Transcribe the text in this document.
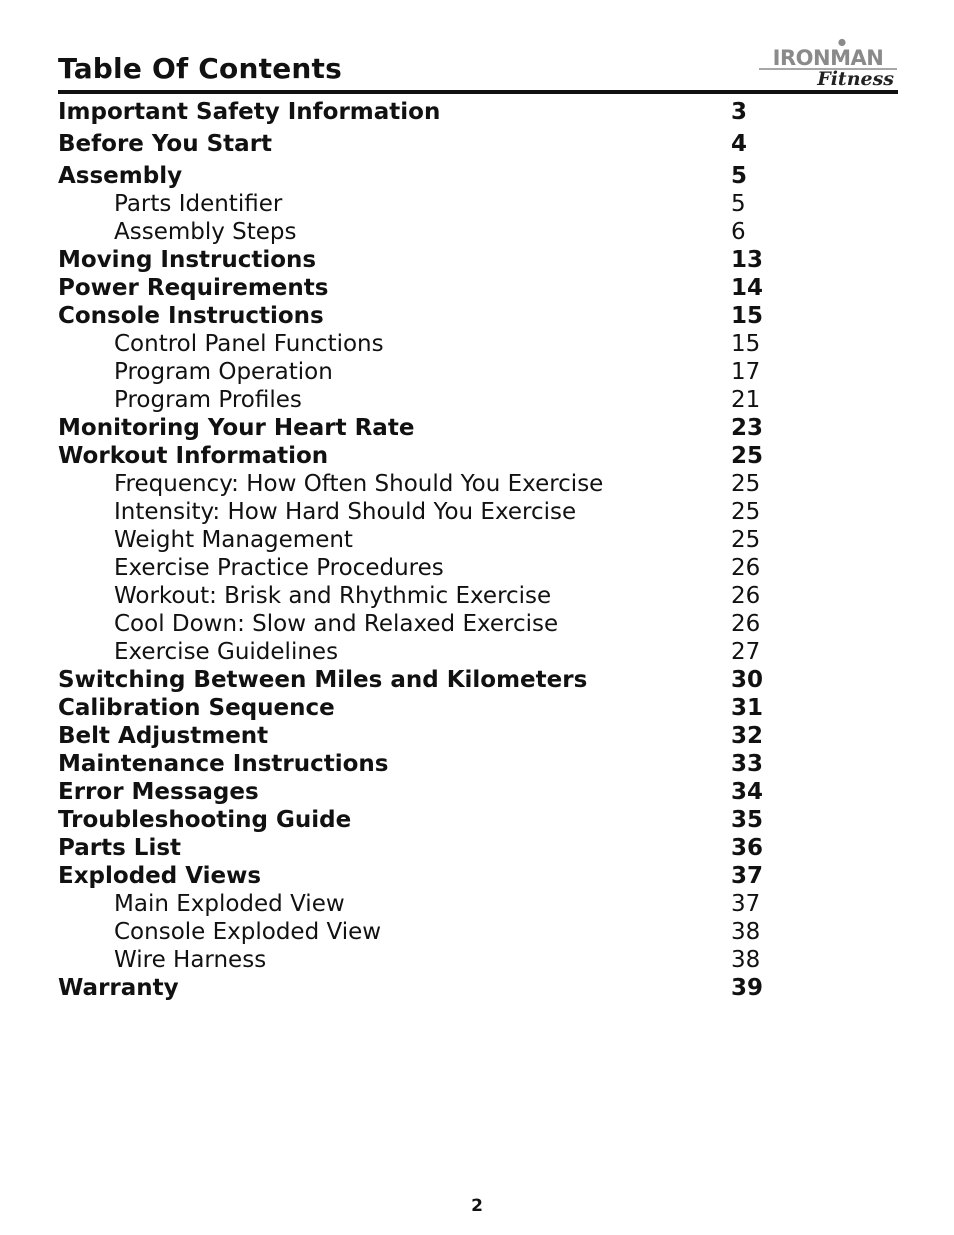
Table Of Contents	IRONMAN
Fitness
Important Safety Information	3
Before You Start	4
Assembly	5
Parts Identifier	5
Assembly Steps	6
Moving Instructions	13
Power Requirements	14
Console Instructions	15
Control Panel Functions	15
Program Operation	17
Program Profiles	21
Monitoring Your Heart Rate	23
Workout Information	25
Frequency: How Often Should You Exercise	25
Intensity: How Hard Should You Exercise	25
Weight Management	25
Exercise Practice Procedures	26
Workout: Brisk and Rhythmic Exercise	26
Cool Down: Slow and Relaxed Exercise	26
Exercise Guidelines	27
Switching Between Miles and Kilometers	30
Calibration Sequence	31
Belt Adjustment	32
Maintenance Instructions	33
Error Messages	34
Troubleshooting Guide	35
Parts List	36
Exploded Views	37
Main Exploded View	37
Console Exploded View	38
Wire Harness	38
Warranty	39
2
